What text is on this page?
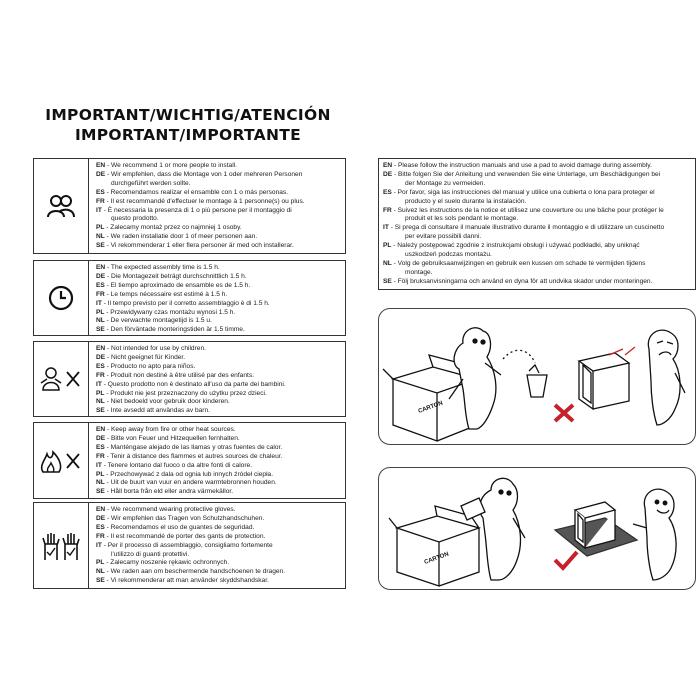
IMPORTANT/WICHTIG/ATENCIÓN
IMPORTANT/IMPORTANTE
EN - We recommend 1 or more people to install.
DE - Wir empfehlen, dass die Montage von 1 oder mehreren Personen
durchgeführt werden sollte.
ES - Recomendamos realizar el ensamble con 1 o más personas.
FR - Il est recommandé d'effectuer le montage à 1 personne(s) ou plus.
IT - È necessaria la presenza di 1 o più persone per il montaggio di
questo prodotto.
PL - Zalecamy montaż przez co najmniej 1 osoby.
NL - We raden installatie door 1 of meer personen aan.
SE - Vi rekommenderar 1 eller flera personer är med och installerar.
EN - The expected assembly time is 1.5 h.
DE - Die Montagezeit beträgt durchschnittlich 1.5 h.
ES - El tiempo aproximado de ensamble es de 1.5 h.
FR - Le temps nécessaire est estimé à 1.5 h.
IT - Il tempo previsto per il corretto assemblaggio è di 1.5 h.
PL - Przewidywany czas montażu wynosi 1.5 h.
NL - De verwachte montagetijd is 1.5 u.
SE - Den förväntade monteringstiden är 1.5 timme.
EN - Not intended for use by children.
DE - Nicht geeignet für Kinder.
ES - Producto no apto para niños.
FR - Produit non destiné à être utilisé par des enfants.
IT - Questo prodotto non è destinato all'uso da parte dei bambini.
PL - Produkt nie jest przeznaczony do użytku przez dzieci.
NL - Niet bedoeld voor gebruik door kinderen.
SE - Inte avsedd att användas av barn.
EN - Keep away from fire or other heat sources.
DE - Bitte von Feuer und Hitzequellen fernhalten.
ES - Manténgase alejado de las llamas y otras fuentes de calor.
FR - Tenir à distance des flammes et autres sources de chaleur.
IT - Tenere lontano dal fuoco o da altre fonti di calore.
PL - Przechowywać z dala od ognia lub innych źródeł ciepła.
NL - Uit de buurt van vuur en andere warmtebronnen houden.
SE - Håll borta från eld eller andra värmekällor.
EN - We recommend wearing protective gloves.
DE - Wir empfehlen das Tragen von Schutzhandschuhen.
ES - Recomendamos el uso de guantes de seguridad.
FR - Il est recommandé de porter des gants de protection.
IT - Per il processo di assemblaggio, consigliamo fortemente
l'utilizzo di guanti protettivi.
PL - Zalecamy noszenie rękawic ochronnych.
NL - We raden aan om beschermende handschoenen te dragen.
SE - Vi rekommenderar att man använder skyddshandskar.
EN - Please follow the instruction manuals and use a pad to avoid damage during assembly.
DE - Bitte folgen Sie der Anleitung und verwenden Sie eine Unterlage, um Beschädigungen bei
der Montage zu vermeiden.
ES - Por favor, siga las instrucciones del manual y utilice una cubierta o lona para proteger el
producto y el suelo durante la instalación.
FR - Suivez les instructions de la notice et utilisez une couverture ou une bâche pour protéger le
produit et les sols pendant le montage.
IT - Si prega di consultare il manuale illustrativo durante il montaggio e di utilizzare un cuscinetto
per evitare possibili danni.
PL - Należy postępować zgodnie z instrukcjami obsługi i używać podkładki, aby uniknąć
uszkodzeń podczas montażu.
NL - Volg de gebruiksaanwijzingen en gebruik een kussen om schade te vermijden tijdens
montage.
SE - Följ bruksanvisningarna och använd en dyna för att undvika skador under monteringen.
CARTON
CARTON
